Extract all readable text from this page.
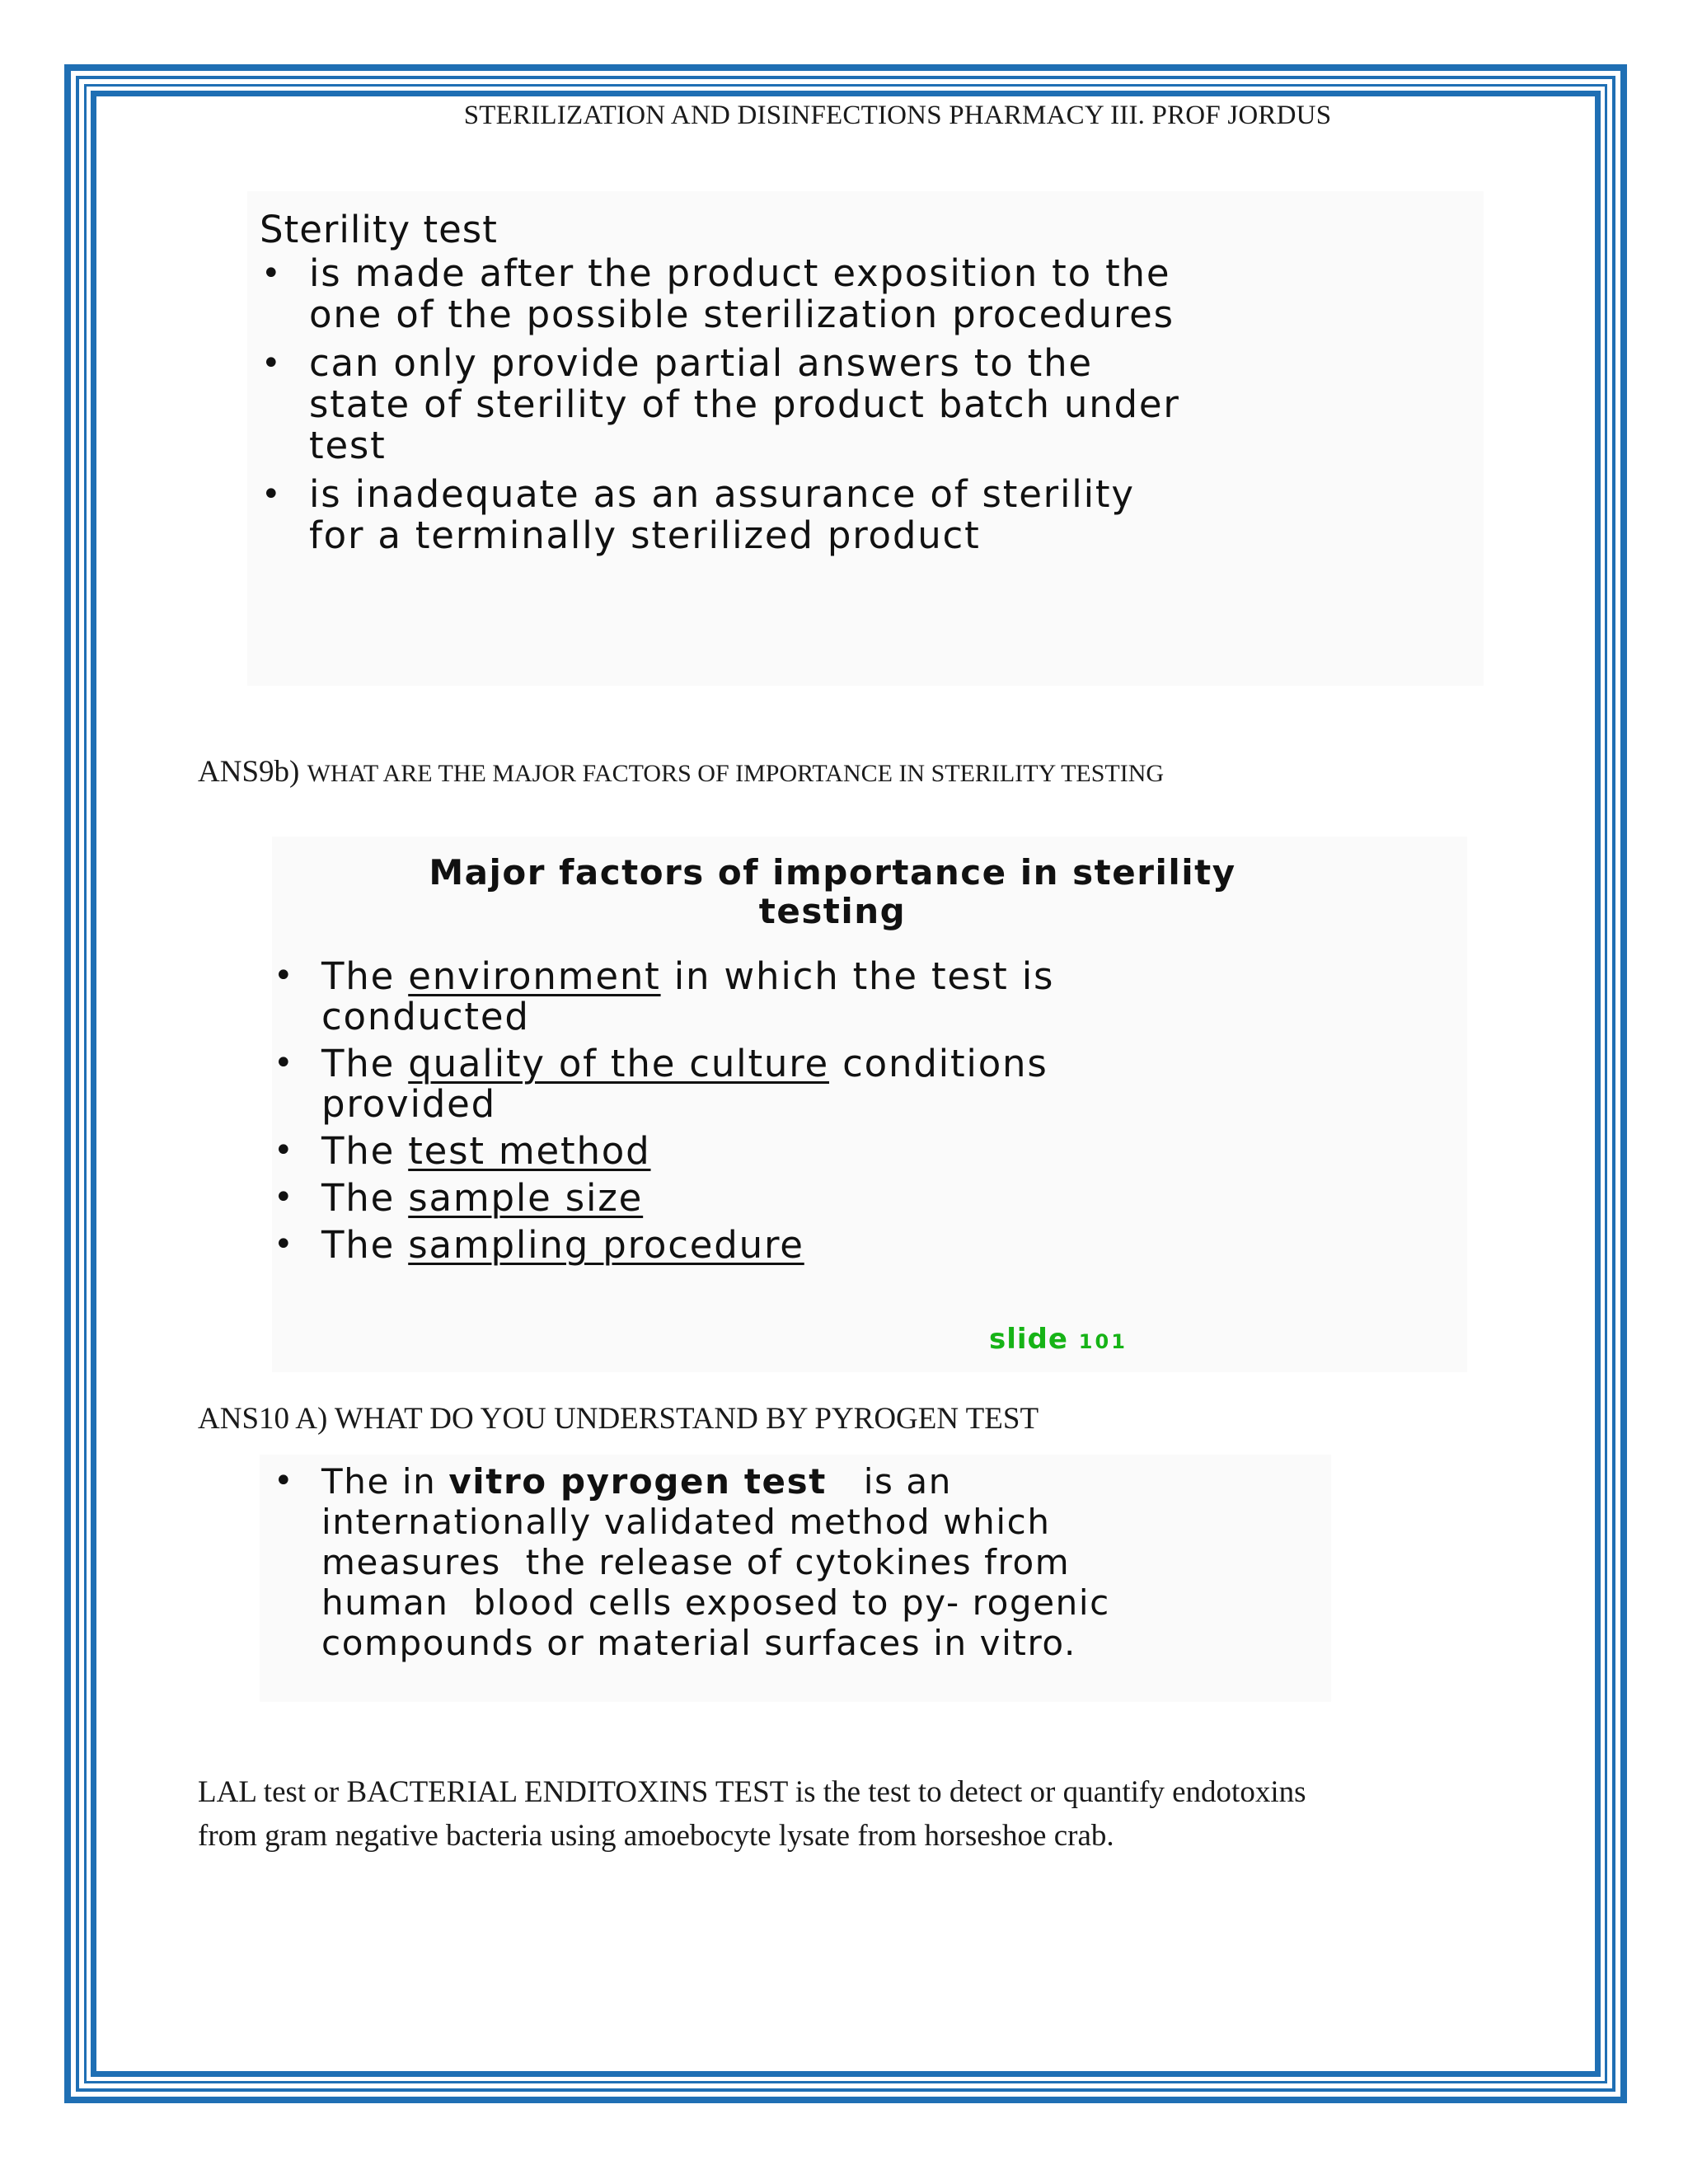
STERILIZATION AND DISINFECTIONS PHARMACY III. PROF JORDUS
Sterility test
• is made after the product exposition to the
one of the possible sterilization procedures
• can only provide partial answers to the
state of sterility of the product batch under
test
• is inadequate as an assurance of sterility
for a terminally sterilized product
ANS9b) WHAT ARE THE MAJOR FACTORS OF IMPORTANCE IN STERILITY TESTING
Major factors of importance in sterility
testing
• The environment in which the test is
conducted
• The quality of the culture conditions
provided
• The test method
• The sample size
• The sampling procedure
slide 101
ANS10 A) WHAT DO YOU UNDERSTAND BY PYROGEN TEST
• The in vitro pyrogen test   is an
internationally validated method which
measures  the release of cytokines from
human  blood cells exposed to py- rogenic
compounds or material surfaces in vitro.

LAL test or BACTERIAL ENDITOXINS TEST is the test to detect or quantify endotoxins

from gram negative bacteria using amoebocyte lysate from horseshoe crab.
